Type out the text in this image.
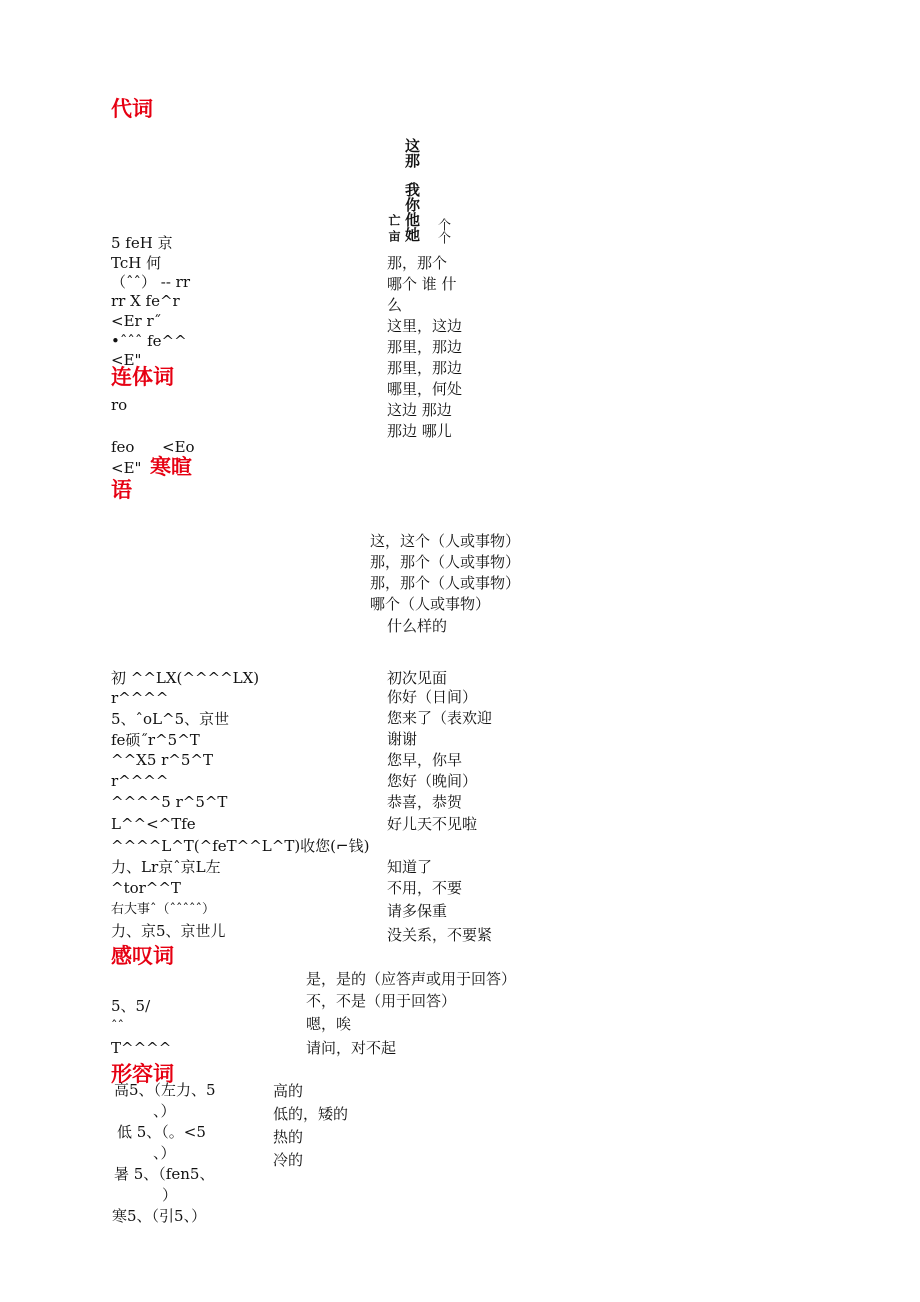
代词
连体词
寒暄
语
感叹词
形容词
这那
我你他她 个个
亡 亩
5 feH 京
TcH 何
（ˆˆ） -- rr
rr X fe^r
<Er r˝
•ˆˆˆ fe^^
<E"
那，那个
哪个 谁 什
么
这里，这边
那里，那边
那里，那边
哪里，何处
这边 那边
那边 哪儿
ro
feo <Eo
<E"
这，这个（人或事物）
那，那个（人或事物）
那，那个（人或事物）
哪个（人或事物）
什么样的
初 ^^LX(^^^^LX)
r^^^^
5、ˆoL^5、京世
fe硕˝r^5^T
^^X5 r^5^T
r^^^^
^^^^5 r^5^T
L^^<^Tfe
^^^^L^T(^feT^^L^T)收您(⌐钱)
力、Lr京ˆ京L左
^tor^^T
右大事ˆ（ˆˆˆˆˆ）
力、京5、京世儿
初次见面
你好（日间）
您来了（表欢迎
谢谢
您早，你早
您好（晚间）
恭喜，恭贺
好儿天不见啦
知道了
不用，不要
请多保重
没关系，不要紧
5、5/
ˆˆ
T^^^^
是，是的（应答声或用于回答）
不，不是（用于回答）
嗯，唉
请问，对不起
高5、（左力、5
、）
低 5、（。<5
、）
暑 5、（fen5、
）
寒5、（引5、）
高的
低的，矮的
热的
冷的
